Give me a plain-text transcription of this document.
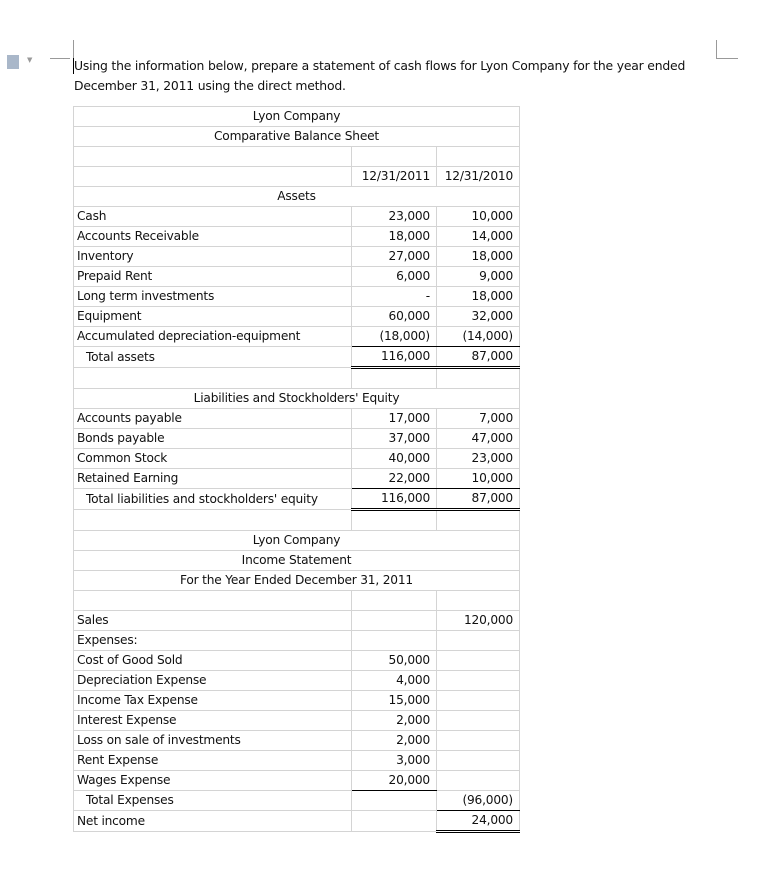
▼	Using the information below, prepare a statement of cash flows for Lyon Company for the year ended December 31, 2011 using the direct method.
Lyon Company		
Comparative Balance Sheet		

	12/31/2011	12/31/2010
Assets		
Cash	23,000	10,000
Accounts Receivable	18,000	14,000
Inventory	27,000	18,000
Prepaid Rent	6,000	9,000
Long term investments	-	18,000
Equipment	60,000	32,000
Accumulated depreciation-equipment	(18,000)	(14,000)
Total assets	116,000	87,000

Liabilities and Stockholders' Equity		
Accounts payable	17,000	7,000
Bonds payable	37,000	47,000
Common Stock	40,000	23,000
Retained Earning	22,000	10,000
Total liabilities and stockholders' equity	116,000	87,000

Lyon Company		
Income Statement		
For the Year Ended December 31, 2011		

Sales		120,000
Expenses:		
Cost of Good Sold	50,000	
Depreciation Expense	4,000	
Income Tax Expense	15,000	
Interest Expense	2,000	
Loss on sale of investments	2,000	
Rent Expense	3,000	
Wages Expense	20,000	
Total Expenses		(96,000)
Net income		24,000
